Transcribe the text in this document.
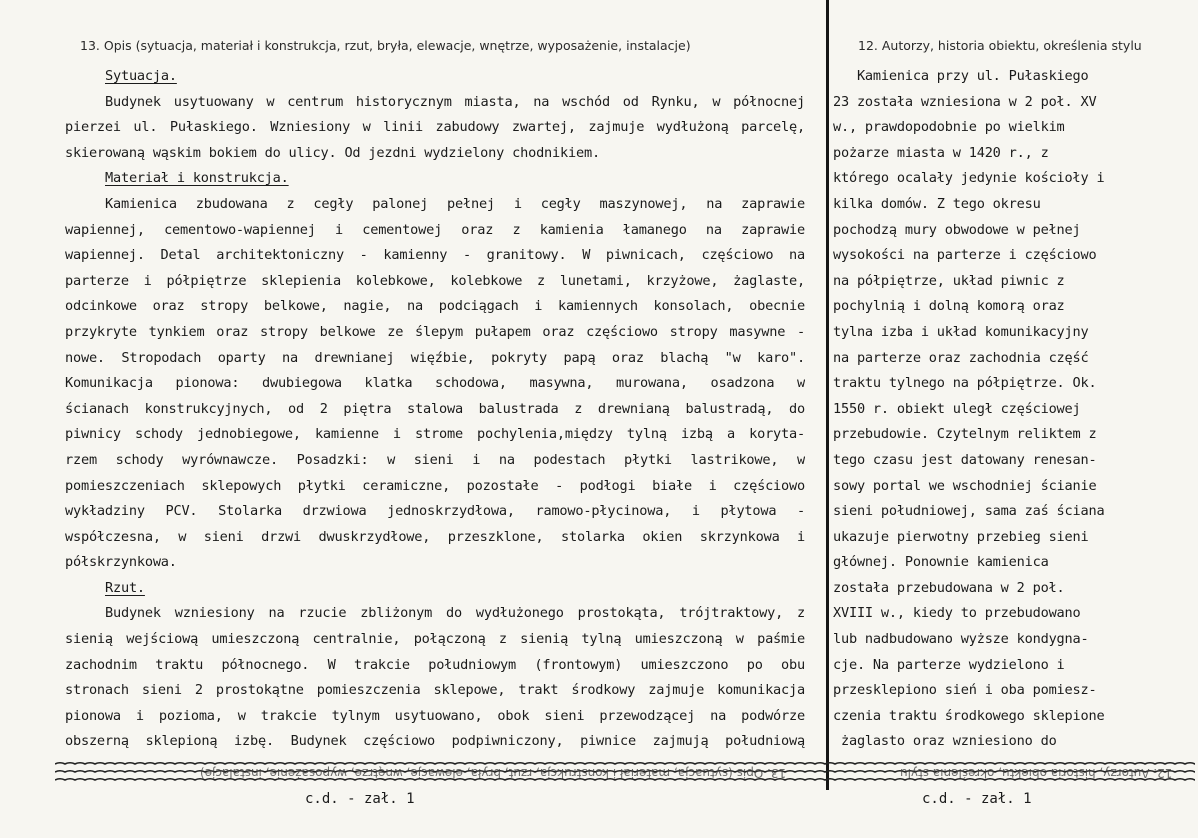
13. Opis (sytuacja, materiał i konstrukcja, rzut, bryła, elewacje, wnętrze, wyposażenie, instalacje)	12. Autorzy, historia obiektu, określenia stylu
Sytuacja.
Budynek usytuowany w centrum historycznym miasta, na wschód od Rynku, w północnej
pierzei ul. Pułaskiego. Wzniesiony w linii zabudowy zwartej, zajmuje wydłużoną parcelę,
skierowaną wąskim bokiem do ulicy. Od jezdni wydzielony chodnikiem.
Materiał i konstrukcja.
Kamienica zbudowana z cegły palonej pełnej i cegły maszynowej, na zaprawie
wapiennej, cementowo-wapiennej i cementowej oraz z kamienia łamanego na zaprawie
wapiennej. Detal architektoniczny - kamienny - granitowy. W piwnicach, częściowo na
parterze i półpiętrze sklepienia kolebkowe, kolebkowe z lunetami, krzyżowe, żaglaste,
odcinkowe oraz stropy belkowe, nagie, na podciągach i kamiennych konsolach, obecnie
przykryte tynkiem oraz stropy belkowe ze ślepym pułapem oraz częściowo stropy masywne -
nowe. Stropodach oparty na drewnianej więźbie, pokryty papą oraz blachą "w karo".
Komunikacja pionowa: dwubiegowa klatka schodowa, masywna, murowana, osadzona w
ścianach konstrukcyjnych, od 2 piętra stalowa balustrada z drewnianą balustradą, do
piwnicy schody jednobiegowe, kamienne i strome pochylenia,między tylną izbą a koryta-
rzem schody wyrównawcze. Posadzki: w sieni i na podestach płytki lastrikowe, w
pomieszczeniach sklepowych płytki ceramiczne, pozostałe - podłogi białe i częściowo
wykładziny PCV. Stolarka drzwiowa jednoskrzydłowa, ramowo-płycinowa, i płytowa -
współczesna, w sieni drzwi dwuskrzydłowe, przeszklone, stolarka okien skrzynkowa i
półskrzynkowa.
Rzut.
Budynek wzniesiony na rzucie zbliżonym do wydłużonego prostokąta, trójtraktowy, z
sienią wejściową umieszczoną centralnie, połączoną z sienią tylną umieszczoną w paśmie
zachodnim traktu północnego. W trakcie południowym (frontowym) umieszczono po obu
stronach sieni 2 prostokątne pomieszczenia sklepowe, trakt środkowy zajmuje komunikacja
pionowa i pozioma, w trakcie tylnym usytuowano, obok sieni przewodzącej na podwórze
obszerną sklepioną izbę. Budynek częściowo podpiwniczony, piwnice zajmują południową
Kamienica przy ul. Pułaskiego
23 została wzniesiona w 2 poł. XV
w., prawdopodobnie po wielkim
pożarze miasta w 1420 r., z
którego ocalały jedynie kościoły i
kilka domów. Z tego okresu
pochodzą mury obwodowe w pełnej
wysokości na parterze i częściowo
na półpiętrze, układ piwnic z
pochylnią i dolną komorą oraz
tylna izba i układ komunikacyjny
na parterze oraz zachodnia część
traktu tylnego na półpiętrze. Ok.
1550 r. obiekt uległ częściowej
przebudowie. Czytelnym reliktem z
tego czasu jest datowany renesan-
sowy portal we wschodniej ścianie
sieni południowej, sama zaś ściana
ukazuje pierwotny przebieg sieni
głównej. Ponownie kamienica
została przebudowana w 2 poł.
XVIII w., kiedy to przebudowano
lub nadbudowano wyższe kondygna-
cje. Na parterze wydzielono i
przesklepiono sień i oba pomiesz-
czenia traktu środkowego sklepione
żaglasto oraz wzniesiono do
13. Opis (sytuacja, materiał i konstrukcja, rzut, bryła, elewacje, wnętrze, wyposażenie, instalacje)	12. Autorzy, historia obiektu, określenia stylu
c.d. - zał. 1	c.d. - zał. 1
